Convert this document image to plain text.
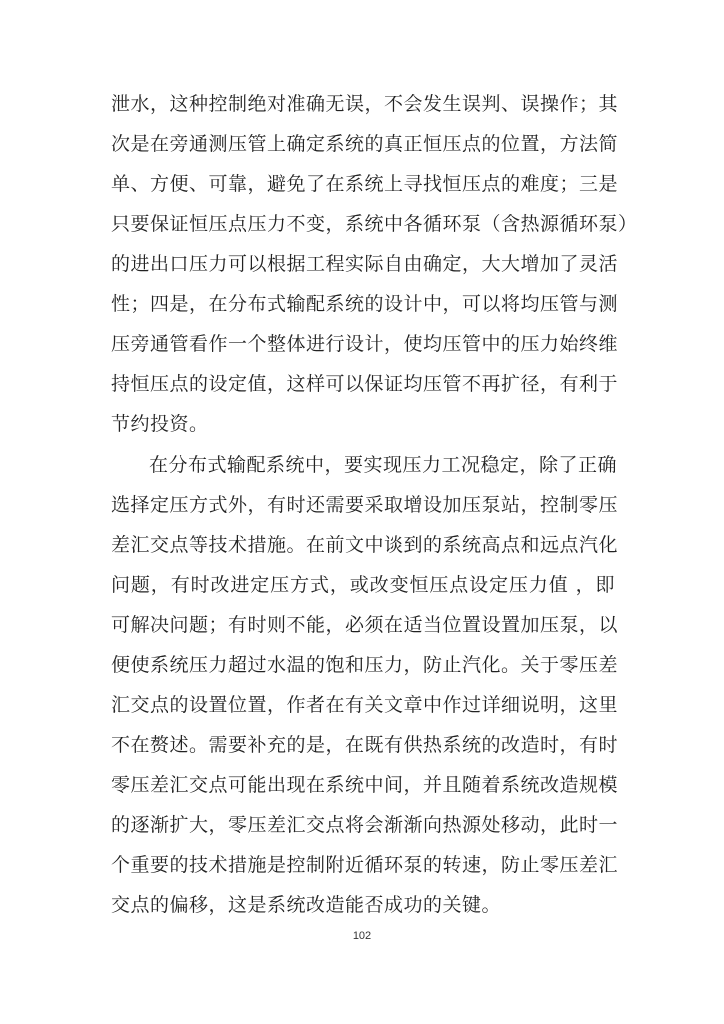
泄水，这种控制绝对准确无误，不会发生误判、误操作；其
次是在旁通测压管上确定系统的真正恒压点的位置，方法简
单、方便、可靠，避免了在系统上寻找恒压点的难度；三是
只要保证恒压点压力不变，系统中各循环泵（含热源循环泵）
的进出口压力可以根据工程实际自由确定，大大增加了灵活
性；四是，在分布式输配系统的设计中，可以将均压管与测
压旁通管看作一个整体进行设计，使均压管中的压力始终维
持恒压点的设定值，这样可以保证均压管不再扩径，有利于
节约投资。
在分布式输配系统中，要实现压力工况稳定，除了正确
选择定压方式外，有时还需要采取增设加压泵站，控制零压
差汇交点等技术措施。在前文中谈到的系统高点和远点汽化
问题，有时改进定压方式，或改变恒压点设定压力值 ，即
可解决问题；有时则不能，必须在适当位置设置加压泵，以
便使系统压力超过水温的饱和压力，防止汽化。关于零压差
汇交点的设置位置，作者在有关文章中作过详细说明，这里
不在赘述。需要补充的是，在既有供热系统的改造时，有时
零压差汇交点可能出现在系统中间，并且随着系统改造规模
的逐渐扩大，零压差汇交点将会渐渐向热源处移动，此时一
个重要的技术措施是控制附近循环泵的转速，防止零压差汇
交点的偏移，这是系统改造能否成功的关键。
102
